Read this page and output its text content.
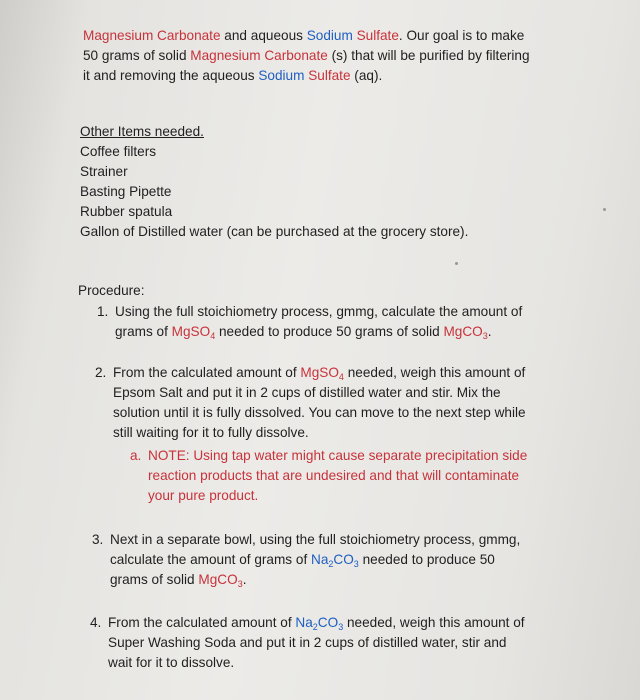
Magnesium Carbonate and aqueous Sodium Sulfate. Our goal is to make
50 grams of solid Magnesium Carbonate (s) that will be purified by filtering
it and removing the aqueous Sodium Sulfate (aq).
Other Items needed.
Coffee filters
Strainer
Basting Pipette
Rubber spatula
Gallon of Distilled water (can be purchased at the grocery store).
Procedure:
1. Using the full stoichiometry process, gmmg, calculate the amount of
grams of MgSO$_4$ needed to produce 50 grams of solid MgCO$_3$.
2. From the calculated amount of MgSO$_4$ needed, weigh this amount of
Epsom Salt and put it in 2 cups of distilled water and stir. Mix the
solution until it is fully dissolved. You can move to the next step while
still waiting for it to fully dissolve.
a. NOTE: Using tap water might cause separate precipitation side
reaction products that are undesired and that will contaminate
your pure product.
3. Next in a separate bowl, using the full stoichiometry process, gmmg,
calculate the amount of grams of $Na_2CO_3$ needed to produce 50
grams of solid MgCO$_3$.
4. From the calculated amount of $Na_2CO_3$ needed, weigh this amount of
Super Washing Soda and put it in 2 cups of distilled water, stir and
wait for it to dissolve.
